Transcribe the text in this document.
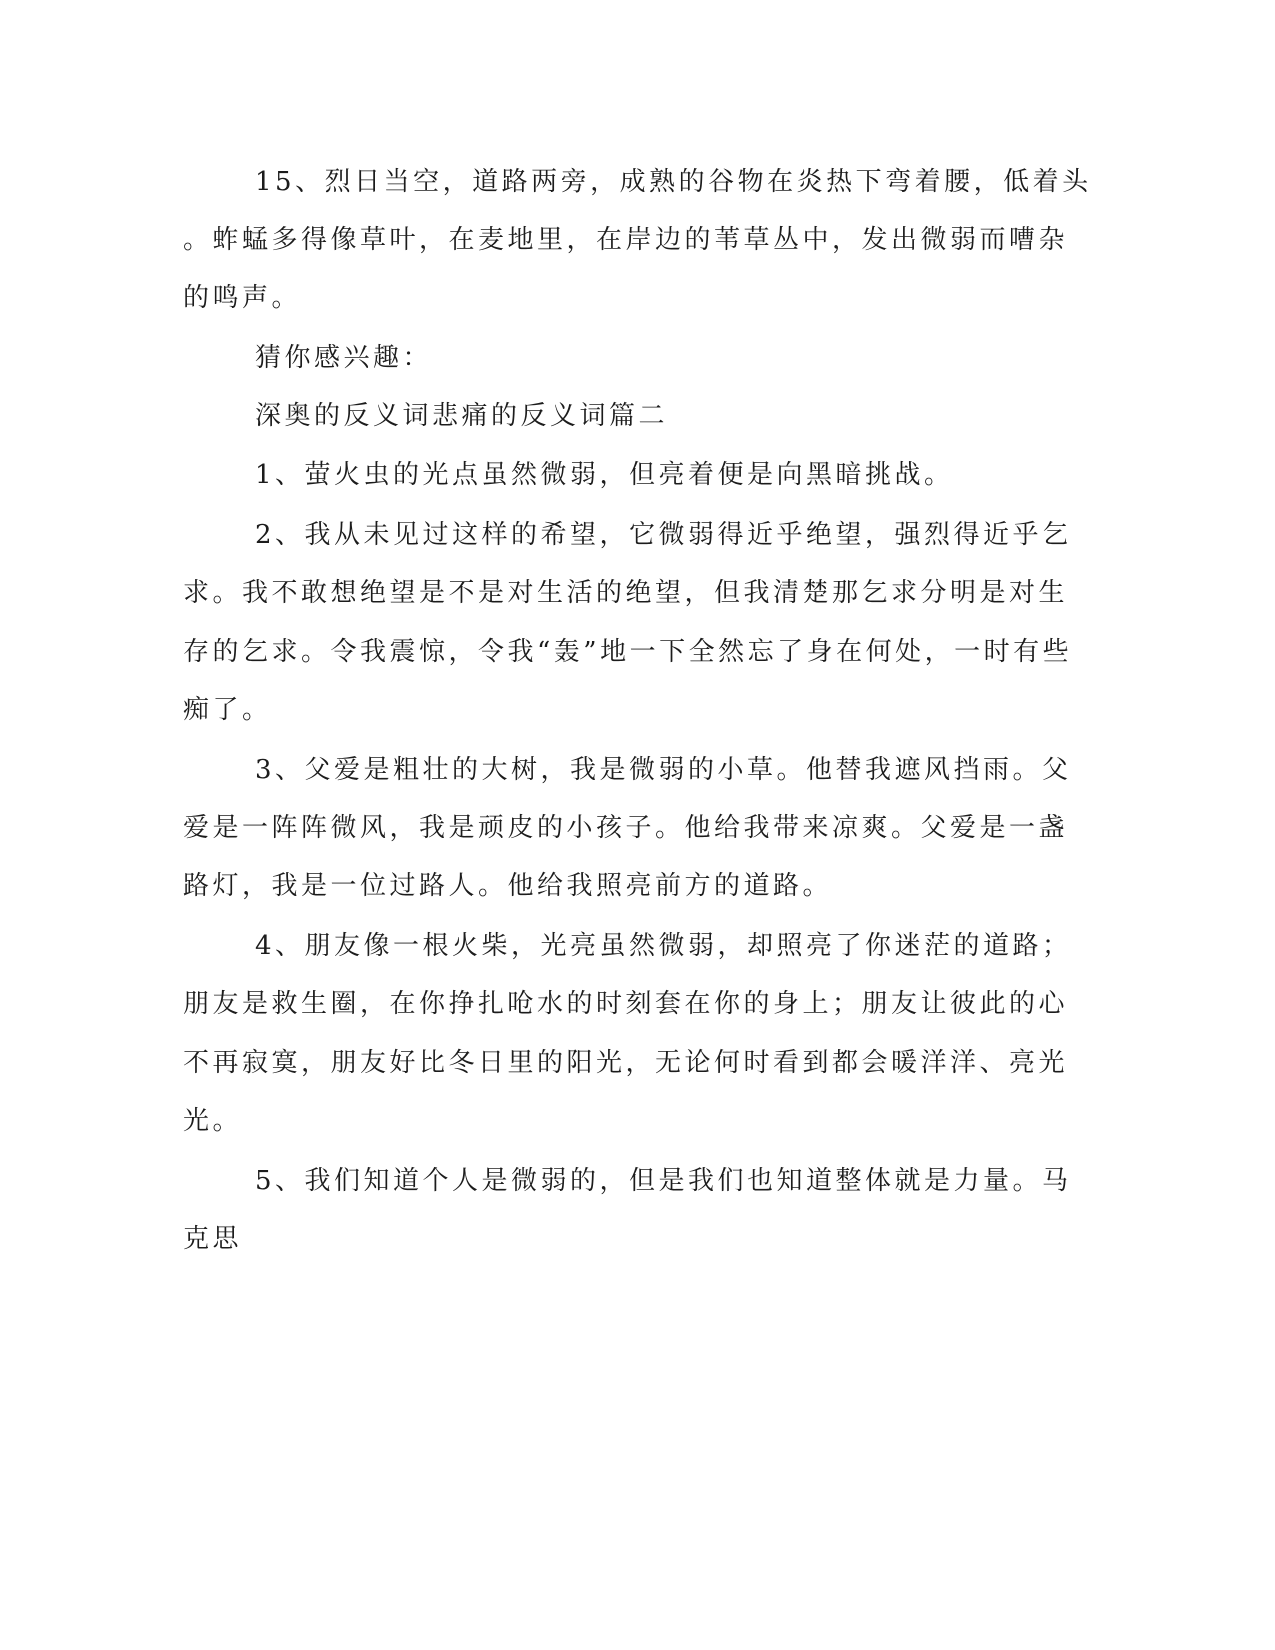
15、烈日当空，道路两旁，成熟的谷物在炎热下弯着腰，低着头
。蚱蜢多得像草叶，在麦地里，在岸边的苇草丛中，发出微弱而嘈杂
的鸣声。
猜你感兴趣：
深奥的反义词悲痛的反义词篇二
1、萤火虫的光点虽然微弱，但亮着便是向黑暗挑战。
2、我从未见过这样的希望，它微弱得近乎绝望，强烈得近乎乞
求。我不敢想绝望是不是对生活的绝望，但我清楚那乞求分明是对生
存的乞求。令我震惊，令我“轰”地一下全然忘了身在何处，一时有些
痴了。
3、父爱是粗壮的大树，我是微弱的小草。他替我遮风挡雨。父
爱是一阵阵微风，我是顽皮的小孩子。他给我带来凉爽。父爱是一盏
路灯，我是一位过路人。他给我照亮前方的道路。
4、朋友像一根火柴，光亮虽然微弱，却照亮了你迷茫的道路；
朋友是救生圈，在你挣扎呛水的时刻套在你的身上；朋友让彼此的心
不再寂寞，朋友好比冬日里的阳光，无论何时看到都会暖洋洋、亮光
光。
5、我们知道个人是微弱的，但是我们也知道整体就是力量。马
克思
